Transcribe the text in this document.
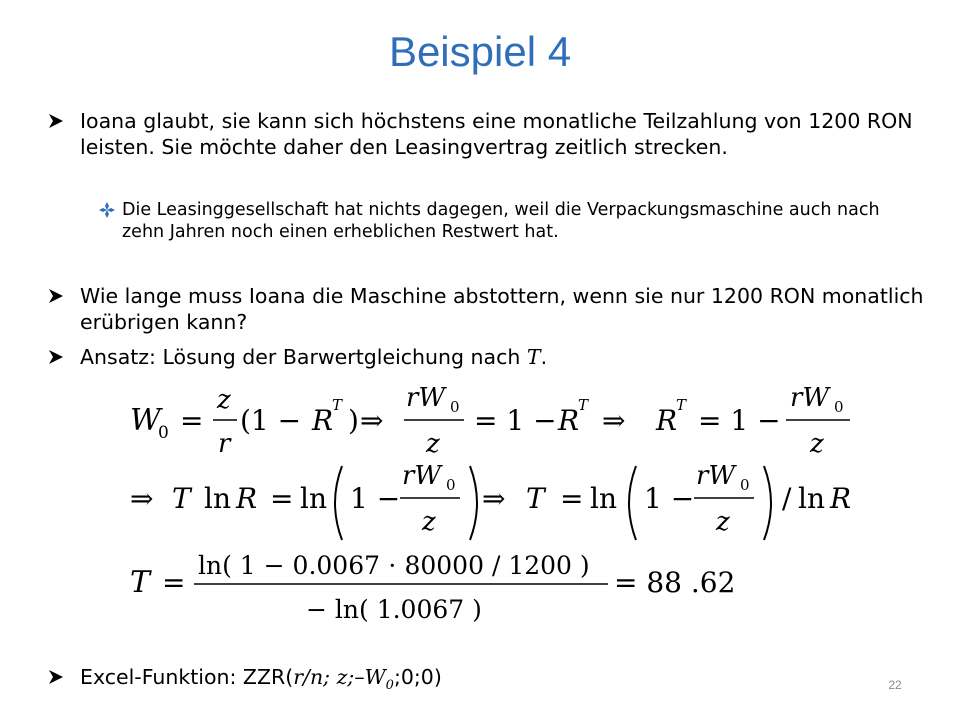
Beispiel 4
Ioana glaubt, sie kann sich höchstens eine monatliche Teilzahlung von 1200 RON leisten. Sie möchte daher den Leasingvertrag zeitlich strecken.
Die Leasinggesellschaft hat nichts dagegen, weil die Verpackungsmaschine auch nach zehn Jahren noch einen erheblichen Restwert hat.
Wie lange muss Ioana die Maschine abstottern, wenn sie nur 1200 RON monatlich erübrigen kann?
Ansatz: Lösung der Barwertgleichung nach T.
W
0 =
z
r
(1 − R
T ) ⇒
rW 0
z
= 1 − R
T ⇒ R
T = 1 −
rW 0
z
⇒ T ln R = ln 1 −
rW 0
z
⇒ T = ln 1 −
rW 0
z
/ ln R
T =
ln( 1 − 0.0067 ⋅ 80000 / 1200 )
− ln( 1.0067 )
= 88 .62
Excel-Funktion: ZZR(r/n; $z;-W_0;0;0$)	22
